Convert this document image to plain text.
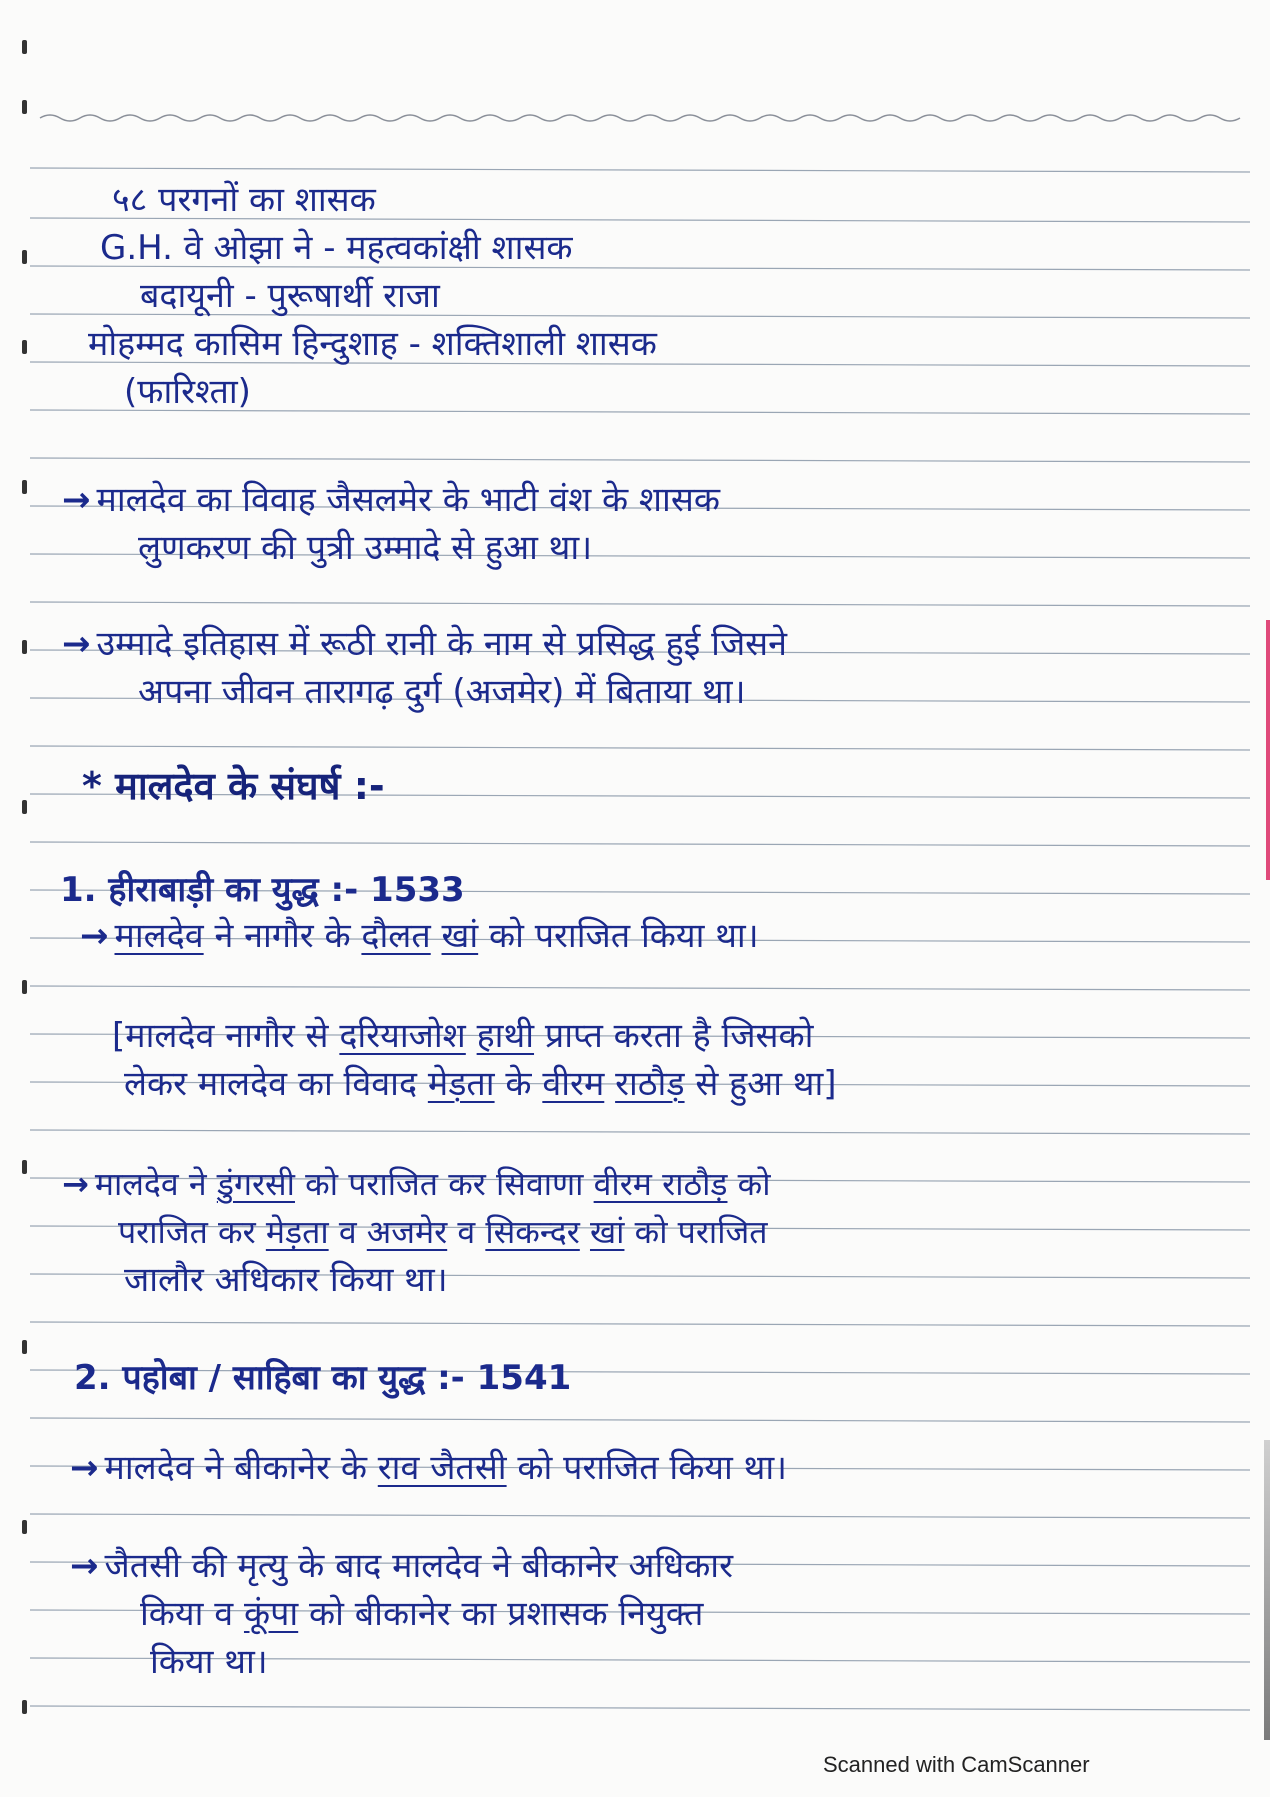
५८ परगनों का शासक
G.H. वे ओझा ने - महत्वकांक्षी शासक
बदायूनी - पुरूषार्थी राजा
मोहम्मद कासिम हिन्दुशाह - शक्तिशाली शासक
(फारिश्ता)
→ मालदेव का विवाह जैसलमेर के भाटी वंश के शासक
लुणकरण की पुत्री उम्मादे से हुआ था।
→ उम्मादे इतिहास में रूठी रानी के नाम से प्रसिद्ध हुई जिसने
अपना जीवन तारागढ़ दुर्ग (अजमेर) में बिताया था।
* मालदेव के संघर्ष :-
1. हीराबाड़ी का युद्ध :- 1533
→ मालदेव ने नागौर के दौलत खां को पराजित किया था।
[मालदेव नागौर से दरियाजोश हाथी प्राप्त करता है जिसको
लेकर मालदेव का विवाद मेड़ता के वीरम राठौड़ से हुआ था]
→ मालदेव ने डुंगरसी को पराजित कर सिवाणा वीरम राठौड़ को
पराजित कर मेड़ता व अजमेर व सिकन्दर खां को पराजित
जालौर अधिकार किया था।
2. पहोबा / साहिबा का युद्ध :- 1541
→ मालदेव ने बीकानेर के राव जैतसी को पराजित किया था।
→ जैतसी की मृत्यु के बाद मालदेव ने बीकानेर अधिकार
किया व कूंपा को बीकानेर का प्रशासक नियुक्त
किया था।
Scanned with CamScanner
